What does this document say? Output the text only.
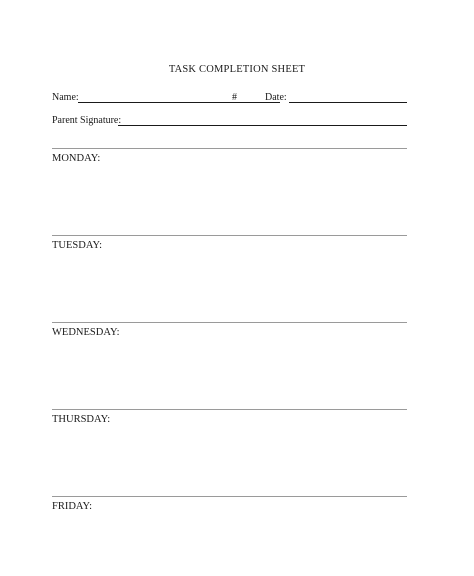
TASK COMPLETION SHEET
Name:	#	Date:
Parent Signature:
MONDAY:
TUESDAY:
WEDNESDAY:
THURSDAY:
FRIDAY:
